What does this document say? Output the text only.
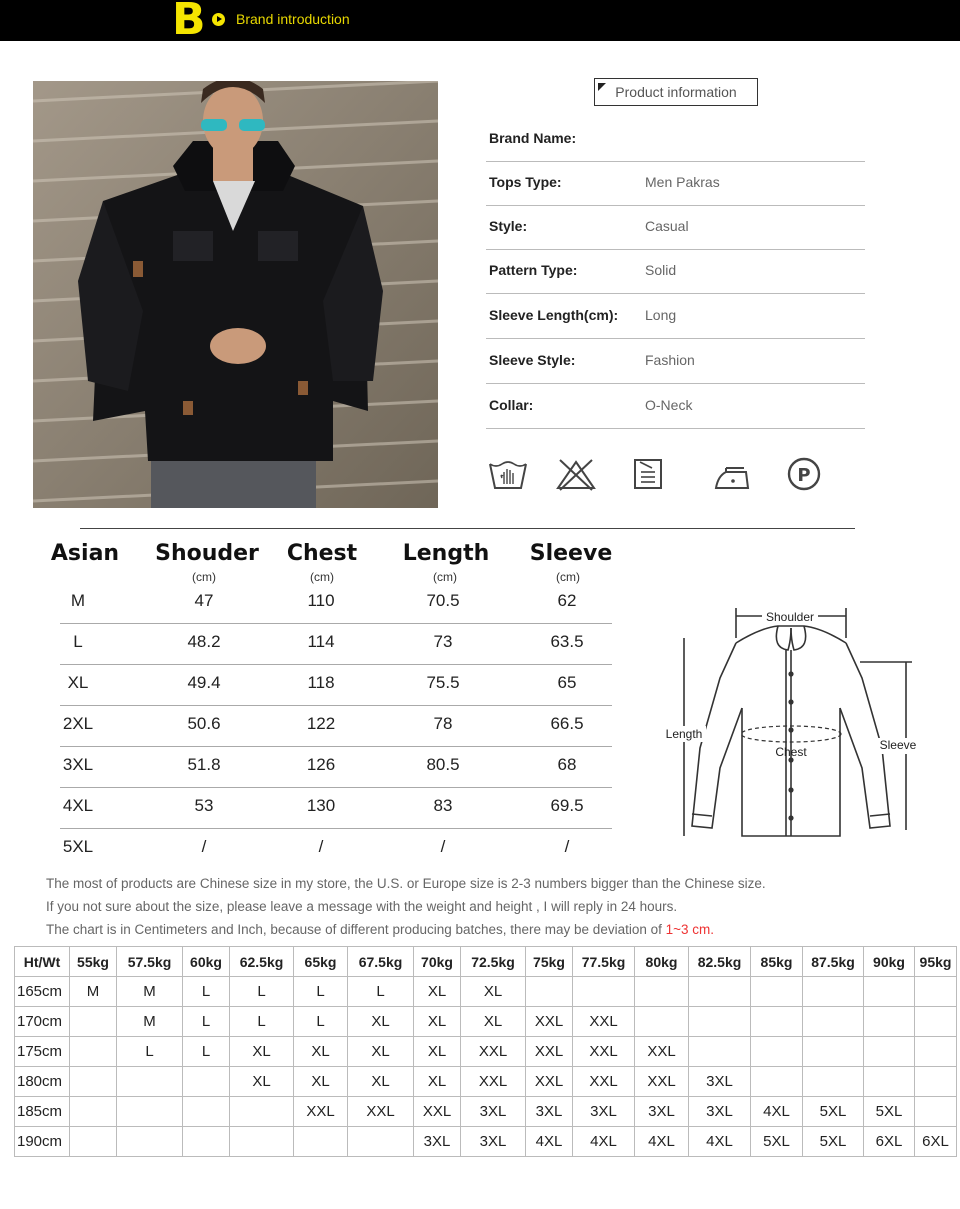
B Brand introduction
Product information
Brand Name:
Tops Type:	Men Pakras
Style:	Casual
Pattern Type:	Solid
Sleeve Length(cm): Long
Sleeve Style:	Fashion
Collar:	O-Neck
P
Asian Shouder	Chest	Length	Sleeve
(cm)	(cm)	(cm)	(cm)
M	47	110	70.5	62
L	48.2	114	73	63.5
XL	49.4	118	75.5	65
2XL	50.6	122	78	66.5
3XL	51.8	126	80.5	68
4XL	53	130	83	69.5
5XL	/	/	/	/
Shoulder
Length
Chest	Sleeve
The most of products are Chinese size in my store, the U.S. or Europe size is 2-3 numbers bigger than the Chinese size.
If you not sure about the size, please leave a message with the weight and height , I will reply in 24 hours.
The chart is in Centimeters and Inch, because of different producing batches, there may be deviation of 1~3 cm.
Ht/Wt	55kg	57.5kg	60kg	62.5kg	65kg	67.5kg	70kg	72.5kg	75kg	77.5kg	80kg	82.5kg	85kg	87.5kg	90kg	95kg
165cm	M	M	L	L	L	L	XL	XL								
170cm		M	L	L	L	XL	XL	XL	XXL	XXL						
175cm		L	L	XL	XL	XL	XL	XXL	XXL	XXL	XXL					
180cm				XL	XL	XL	XL	XXL	XXL	XXL	XXL	3XL				
185cm					XXL	XXL	XXL	3XL	3XL	3XL	3XL	3XL	4XL	5XL	5XL	
190cm							3XL	3XL	4XL	4XL	4XL	4XL	5XL	5XL	6XL	6XL
